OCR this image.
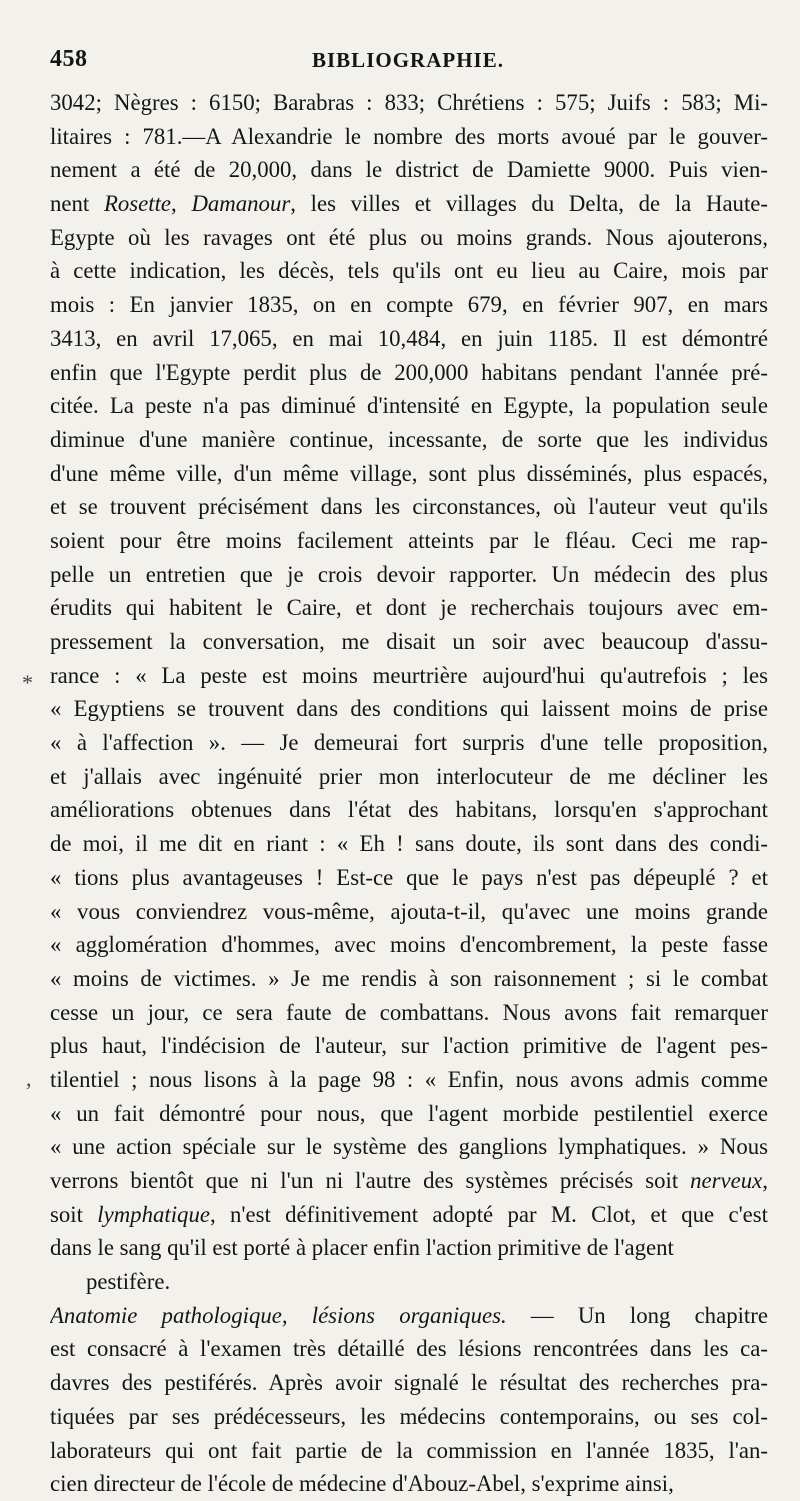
458	BIBLIOGRAPHIE.
*
,
3042; Nègres : 6150; Barabras : 833; Chrétiens : 575; Juifs : 583; Mi-
litaires : 781.—A Alexandrie le nombre des morts avoué par le gouver-
nement a été de 20,000, dans le district de Damiette 9000. Puis vien-
nent Rosette, Damanour, les villes et villages du Delta, de la Haute-
Egypte où les ravages ont été plus ou moins grands. Nous ajouterons,
à cette indication, les décès, tels qu'ils ont eu lieu au Caire, mois par
mois : En janvier 1835, on en compte 679, en février 907, en mars
3413, en avril 17,065, en mai 10,484, en juin 1185. Il est démontré
enfin que l'Egypte perdit plus de 200,000 habitans pendant l'année pré-
citée. La peste n'a pas diminué d'intensité en Egypte, la population seule
diminue d'une manière continue, incessante, de sorte que les individus
d'une même ville, d'un même village, sont plus disséminés, plus espacés,
et se trouvent précisément dans les circonstances, où l'auteur veut qu'ils
soient pour être moins facilement atteints par le fléau. Ceci me rap-
pelle un entretien que je crois devoir rapporter. Un médecin des plus
érudits qui habitent le Caire, et dont je recherchais toujours avec em-
pressement la conversation, me disait un soir avec beaucoup d'assu-
rance : « La peste est moins meurtrière aujourd'hui qu'autrefois ; les
« Egyptiens se trouvent dans des conditions qui laissent moins de prise
« à l'affection ». — Je demeurai fort surpris d'une telle proposition,
et j'allais avec ingénuité prier mon interlocuteur de me décliner les
améliorations obtenues dans l'état des habitans, lorsqu'en s'approchant
de moi, il me dit en riant : « Eh ! sans doute, ils sont dans des condi-
« tions plus avantageuses ! Est-ce que le pays n'est pas dépeuplé ? et
« vous conviendrez vous-même, ajouta-t-il, qu'avec une moins grande
« agglomération d'hommes, avec moins d'encombrement, la peste fasse
« moins de victimes. » Je me rendis à son raisonnement ; si le combat
cesse un jour, ce sera faute de combattans. Nous avons fait remarquer
plus haut, l'indécision de l'auteur, sur l'action primitive de l'agent pes-
tilentiel ; nous lisons à la page 98 : « Enfin, nous avons admis comme
« un fait démontré pour nous, que l'agent morbide pestilentiel exerce
« une action spéciale sur le système des ganglions lymphatiques. » Nous
verrons bientôt que ni l'un ni l'autre des systèmes précisés soit nerveux,
soit lymphatique, n'est définitivement adopté par M. Clot, et que c'est
dans le sang qu'il est porté à placer enfin l'action primitive de l'agent
pestifère.
Anatomie pathologique, lésions organiques. — Un long chapitre
est consacré à l'examen très détaillé des lésions rencontrées dans les ca-
davres des pestiférés. Après avoir signalé le résultat des recherches pra-
tiquées par ses prédécesseurs, les médecins contemporains, ou ses col-
laborateurs qui ont fait partie de la commission en l'année 1835, l'an-
cien directeur de l'école de médecine d'Abouz-Abel, s'exprime ainsi,
